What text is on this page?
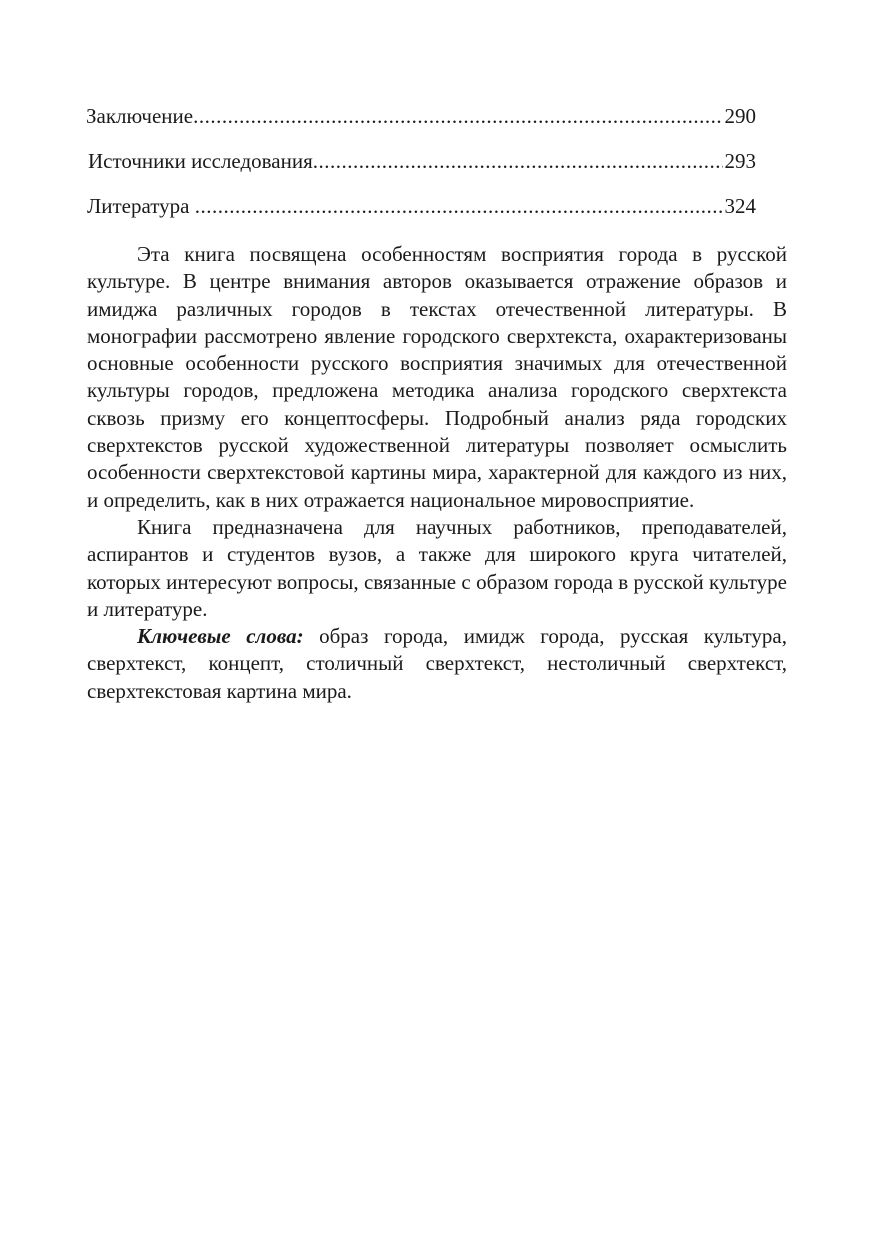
Заключение .....	290
Источники исследования .....	293
Литература .....	324

Эта книга посвящена особенностям восприятия города в русской культуре. В центре внимания авторов оказывается отражение образов и имиджа различных городов в текстах отечественной литературы. В монографии рассмотрено явление городского сверхтекста, охарактеризованы основные особенности русского восприятия значимых для отечественной культуры городов, предложена методика анализа городского сверхтекста сквозь призму его концептосферы. Подробный анализ ряда городских сверхтекстов русской художественной литературы позволяет осмыслить особенности сверхтекстовой картины мира, характерной для каждого из них, и определить, как в них отражается национальное мировосприятие.

Книга предназначена для научных работников, преподавателей, аспирантов и студентов вузов, а также для широкого круга читателей, которых интересуют вопросы, связанные с образом города в русской культуре и литературе.

Ключевые слова: образ города, имидж города, русская культура, сверхтекст, концепт, столичный сверхтекст, нестоличный сверхтекст, сверхтекстовая картина мира.
